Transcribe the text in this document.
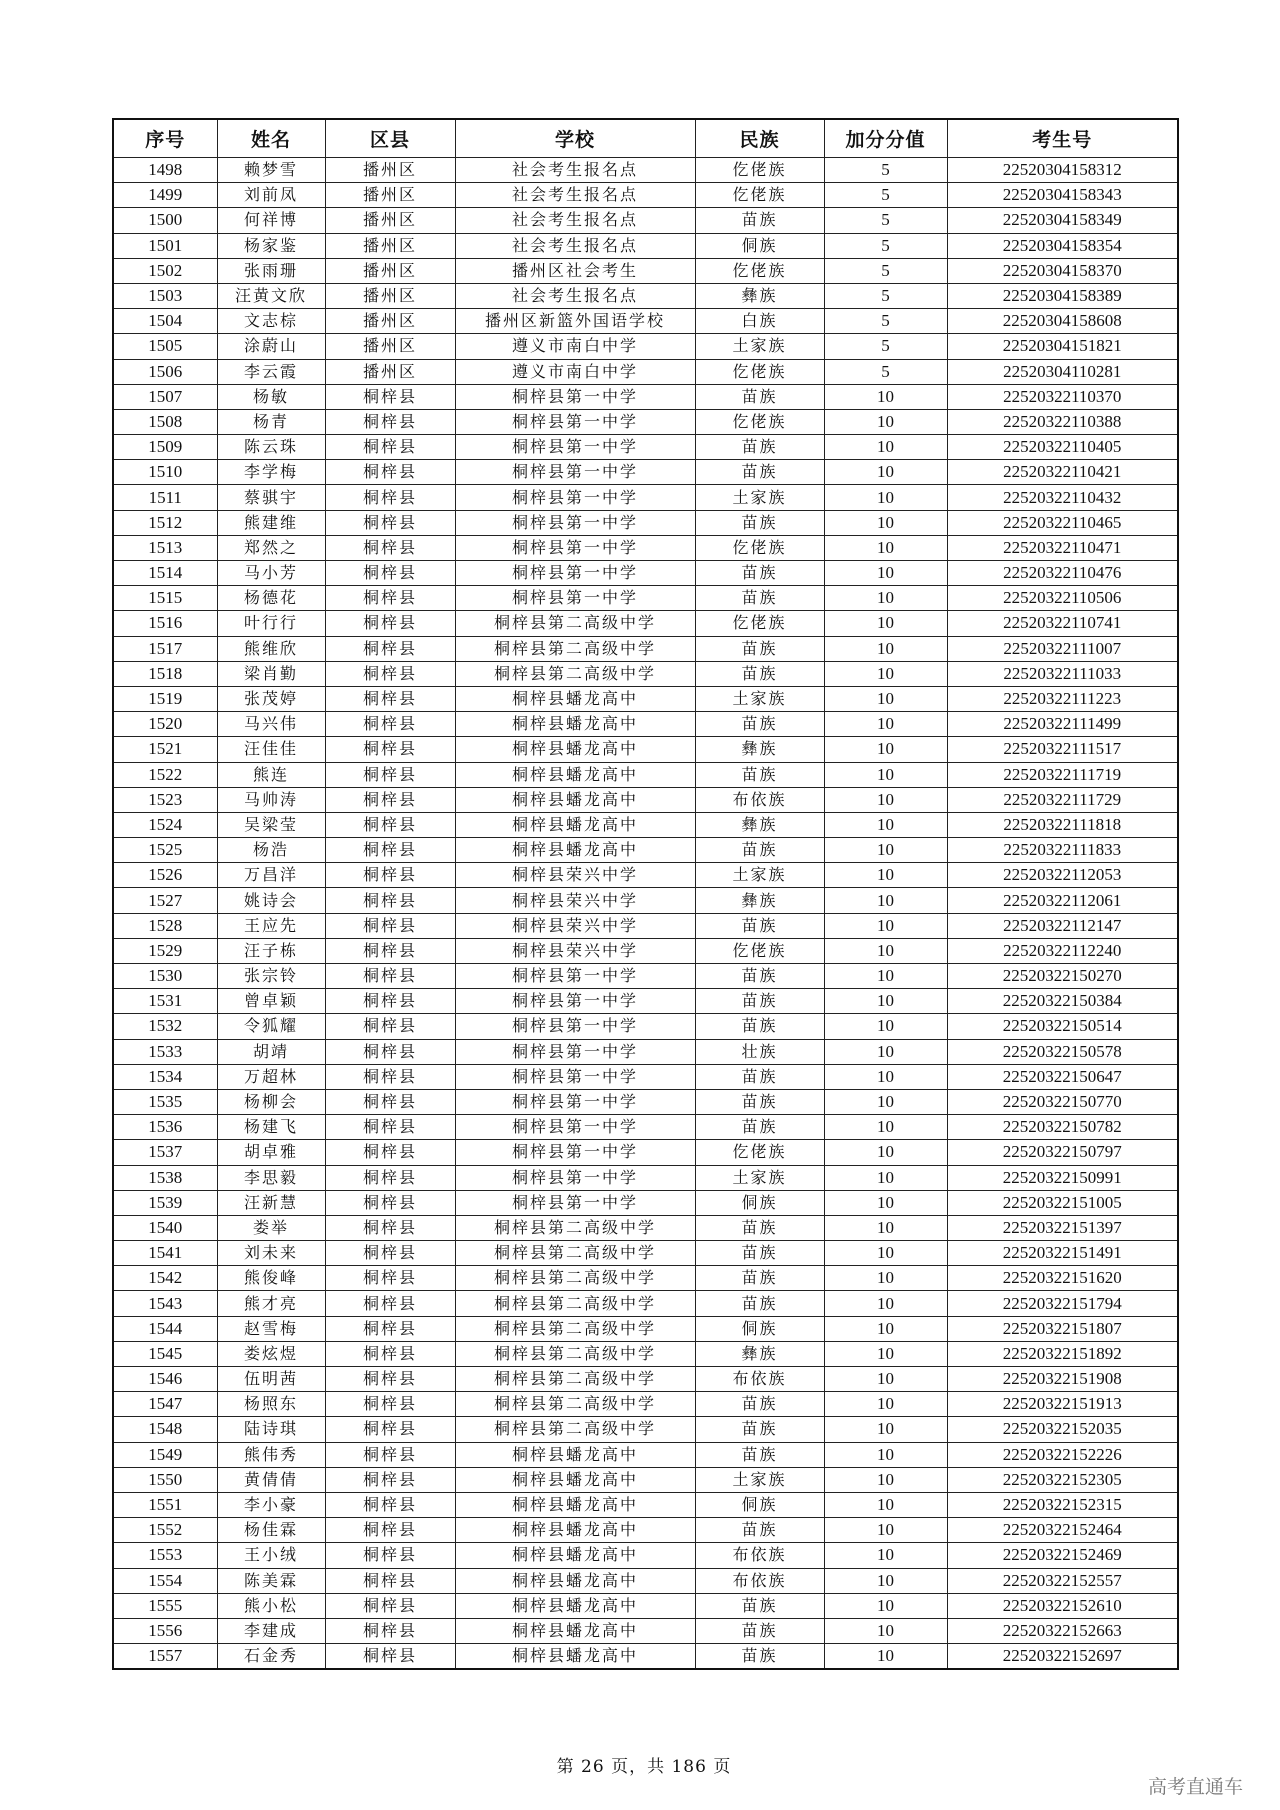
序号	姓名	区县	学校	民族	加分分值	考生号
1498	赖梦雪	播州区	社会考生报名点	仡佬族	5	22520304158312
1499	刘前凤	播州区	社会考生报名点	仡佬族	5	22520304158343
1500	何祥博	播州区	社会考生报名点	苗族	5	22520304158349
1501	杨家鉴	播州区	社会考生报名点	侗族	5	22520304158354
1502	张雨珊	播州区	播州区社会考生	仡佬族	5	22520304158370
1503	汪黄文欣	播州区	社会考生报名点	彝族	5	22520304158389
1504	文志棕	播州区	播州区新篮外国语学校	白族	5	22520304158608
1505	涂蔚山	播州区	遵义市南白中学	土家族	5	22520304151821
1506	李云霞	播州区	遵义市南白中学	仡佬族	5	22520304110281
1507	杨敏	桐梓县	桐梓县第一中学	苗族	10	22520322110370
1508	杨青	桐梓县	桐梓县第一中学	仡佬族	10	22520322110388
1509	陈云珠	桐梓县	桐梓县第一中学	苗族	10	22520322110405
1510	李学梅	桐梓县	桐梓县第一中学	苗族	10	22520322110421
1511	蔡骐宇	桐梓县	桐梓县第一中学	土家族	10	22520322110432
1512	熊建维	桐梓县	桐梓县第一中学	苗族	10	22520322110465
1513	郑然之	桐梓县	桐梓县第一中学	仡佬族	10	22520322110471
1514	马小芳	桐梓县	桐梓县第一中学	苗族	10	22520322110476
1515	杨德花	桐梓县	桐梓县第一中学	苗族	10	22520322110506
1516	叶行行	桐梓县	桐梓县第二高级中学	仡佬族	10	22520322110741
1517	熊维欣	桐梓县	桐梓县第二高级中学	苗族	10	22520322111007
1518	梁肖勤	桐梓县	桐梓县第二高级中学	苗族	10	22520322111033
1519	张茂婷	桐梓县	桐梓县蟠龙高中	土家族	10	22520322111223
1520	马兴伟	桐梓县	桐梓县蟠龙高中	苗族	10	22520322111499
1521	汪佳佳	桐梓县	桐梓县蟠龙高中	彝族	10	22520322111517
1522	熊连	桐梓县	桐梓县蟠龙高中	苗族	10	22520322111719
1523	马帅涛	桐梓县	桐梓县蟠龙高中	布依族	10	22520322111729
1524	吴梁莹	桐梓县	桐梓县蟠龙高中	彝族	10	22520322111818
1525	杨浩	桐梓县	桐梓县蟠龙高中	苗族	10	22520322111833
1526	万昌洋	桐梓县	桐梓县荣兴中学	土家族	10	22520322112053
1527	姚诗会	桐梓县	桐梓县荣兴中学	彝族	10	22520322112061
1528	王应先	桐梓县	桐梓县荣兴中学	苗族	10	22520322112147
1529	汪子栋	桐梓县	桐梓县荣兴中学	仡佬族	10	22520322112240
1530	张宗铃	桐梓县	桐梓县第一中学	苗族	10	22520322150270
1531	曾卓颖	桐梓县	桐梓县第一中学	苗族	10	22520322150384
1532	令狐耀	桐梓县	桐梓县第一中学	苗族	10	22520322150514
1533	胡靖	桐梓县	桐梓县第一中学	壮族	10	22520322150578
1534	万超林	桐梓县	桐梓县第一中学	苗族	10	22520322150647
1535	杨柳会	桐梓县	桐梓县第一中学	苗族	10	22520322150770
1536	杨建飞	桐梓县	桐梓县第一中学	苗族	10	22520322150782
1537	胡卓雅	桐梓县	桐梓县第一中学	仡佬族	10	22520322150797
1538	李思毅	桐梓县	桐梓县第一中学	土家族	10	22520322150991
1539	汪新慧	桐梓县	桐梓县第一中学	侗族	10	22520322151005
1540	娄举	桐梓县	桐梓县第二高级中学	苗族	10	22520322151397
1541	刘未来	桐梓县	桐梓县第二高级中学	苗族	10	22520322151491
1542	熊俊峰	桐梓县	桐梓县第二高级中学	苗族	10	22520322151620
1543	熊才亮	桐梓县	桐梓县第二高级中学	苗族	10	22520322151794
1544	赵雪梅	桐梓县	桐梓县第二高级中学	侗族	10	22520322151807
1545	娄炫煜	桐梓县	桐梓县第二高级中学	彝族	10	22520322151892
1546	伍明茜	桐梓县	桐梓县第二高级中学	布依族	10	22520322151908
1547	杨照东	桐梓县	桐梓县第二高级中学	苗族	10	22520322151913
1548	陆诗琪	桐梓县	桐梓县第二高级中学	苗族	10	22520322152035
1549	熊伟秀	桐梓县	桐梓县蟠龙高中	苗族	10	22520322152226
1550	黄倩倩	桐梓县	桐梓县蟠龙高中	土家族	10	22520322152305
1551	李小豪	桐梓县	桐梓县蟠龙高中	侗族	10	22520322152315
1552	杨佳霖	桐梓县	桐梓县蟠龙高中	苗族	10	22520322152464
1553	王小绒	桐梓县	桐梓县蟠龙高中	布依族	10	22520322152469
1554	陈美霖	桐梓县	桐梓县蟠龙高中	布依族	10	22520322152557
1555	熊小松	桐梓县	桐梓县蟠龙高中	苗族	10	22520322152610
1556	李建成	桐梓县	桐梓县蟠龙高中	苗族	10	22520322152663
1557	石金秀	桐梓县	桐梓县蟠龙高中	苗族	10	22520322152697
第 26 页，共 186 页
高考直通车
